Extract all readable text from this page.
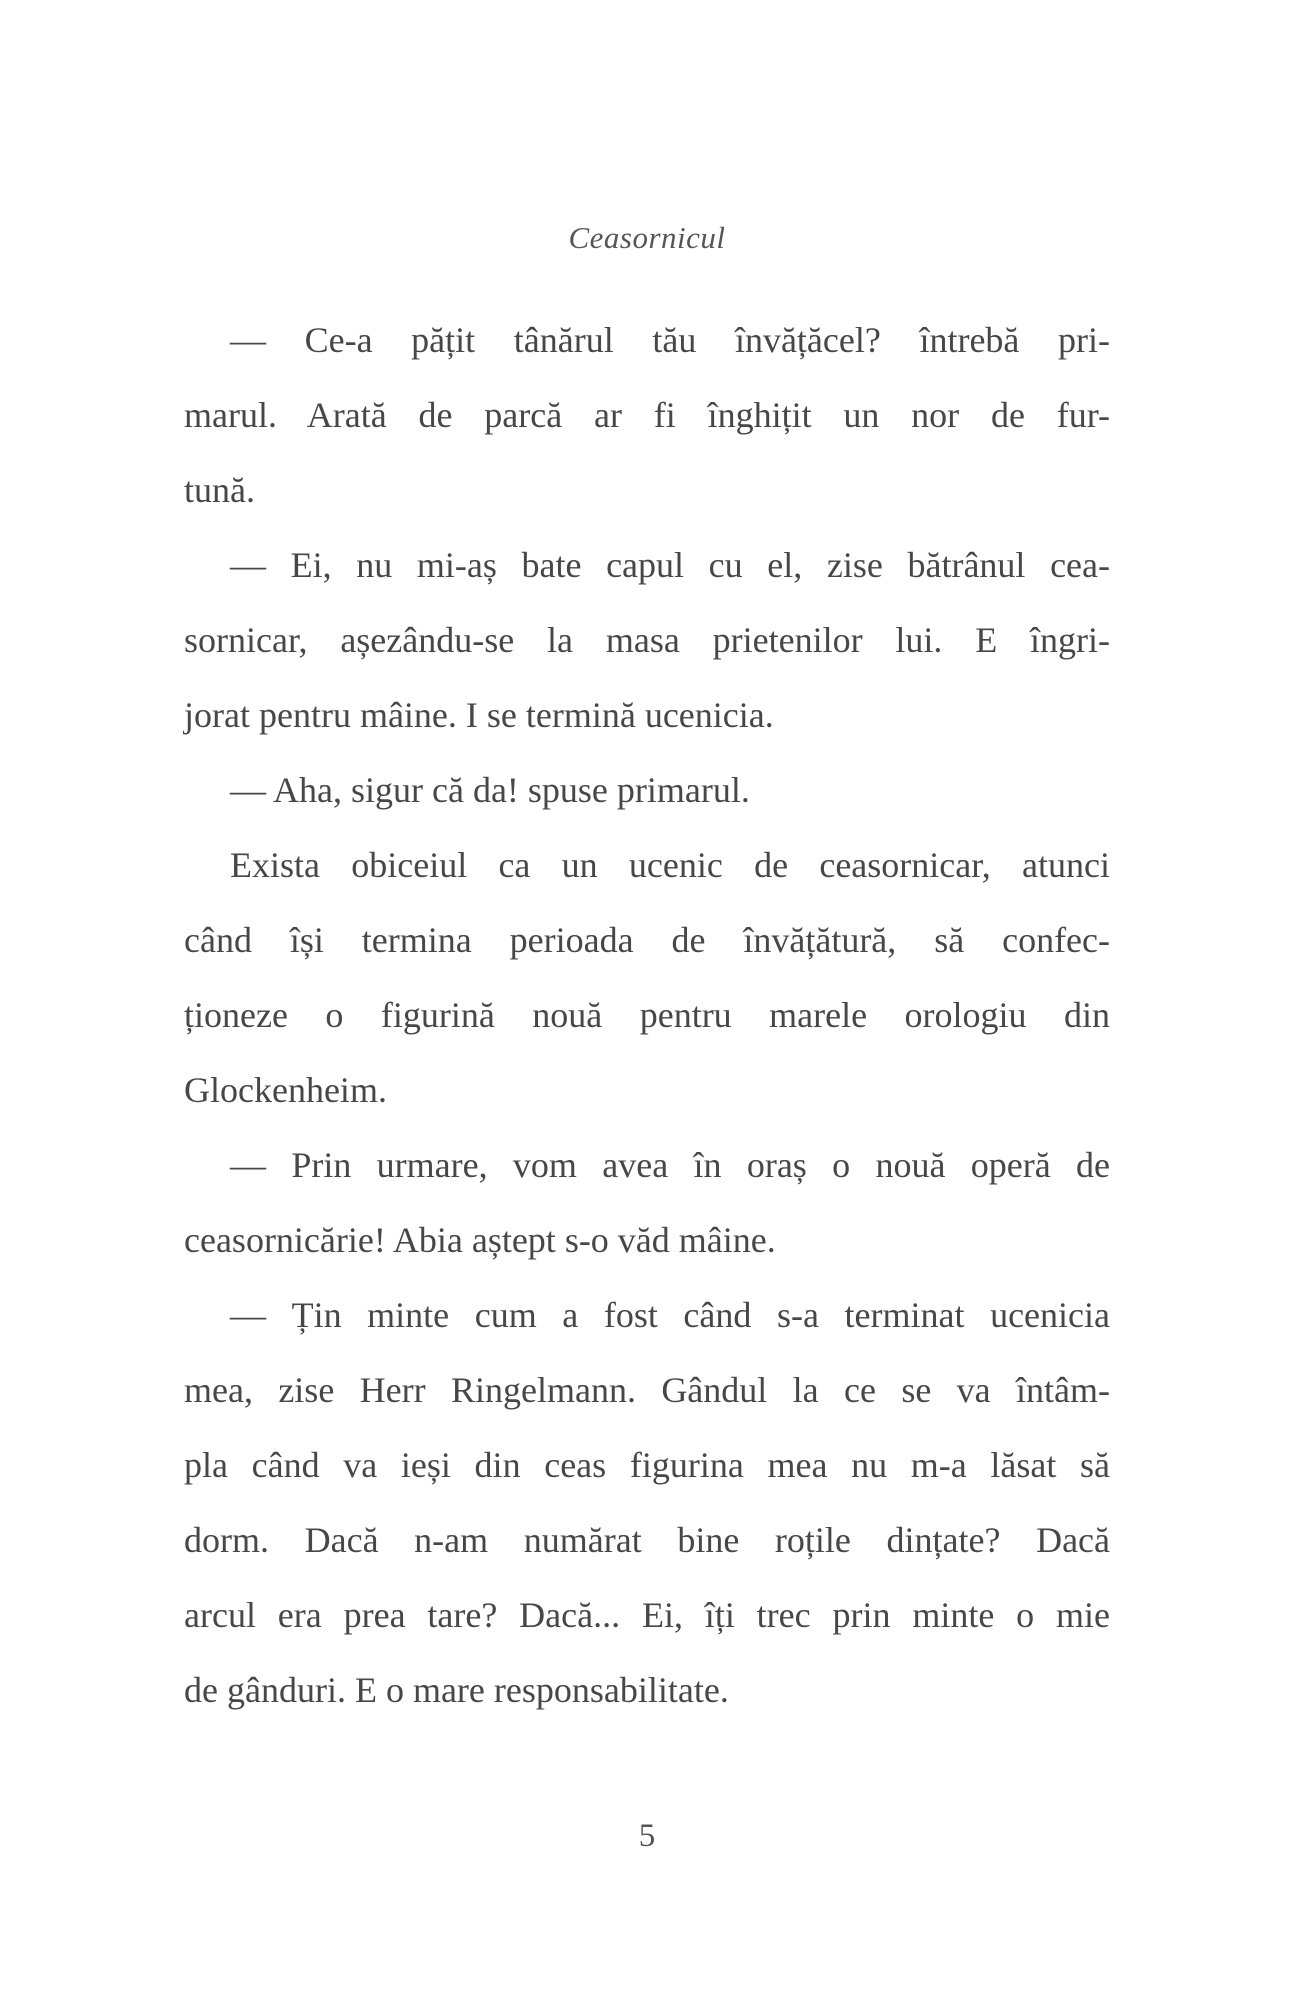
Ceasornicul
— Ce-a pățit tânărul tău învățăcel? întrebă pri-
marul. Arată de parcă ar fi înghițit un nor de fur-
tună.
— Ei, nu mi-aș bate capul cu el, zise bătrânul cea-
sornicar, așezându-se la masa prietenilor lui. E îngri-
jorat pentru mâine. I se termină ucenicia.
— Aha, sigur că da! spuse primarul.
Exista obiceiul ca un ucenic de ceasornicar, atunci
când își termina perioada de învățătură, să confec-
ționeze o figurină nouă pentru marele orologiu din
Glockenheim.
— Prin urmare, vom avea în oraș o nouă operă de
ceasornicărie! Abia aștept s-o văd mâine.
— Țin minte cum a fost când s-a terminat ucenicia
mea, zise Herr Ringelmann. Gândul la ce se va întâm-
pla când va ieși din ceas figurina mea nu m-a lăsat să
dorm. Dacă n-am numărat bine roțile dințate? Dacă
arcul era prea tare? Dacă... Ei, îți trec prin minte o mie
de gânduri. E o mare responsabilitate.
5
